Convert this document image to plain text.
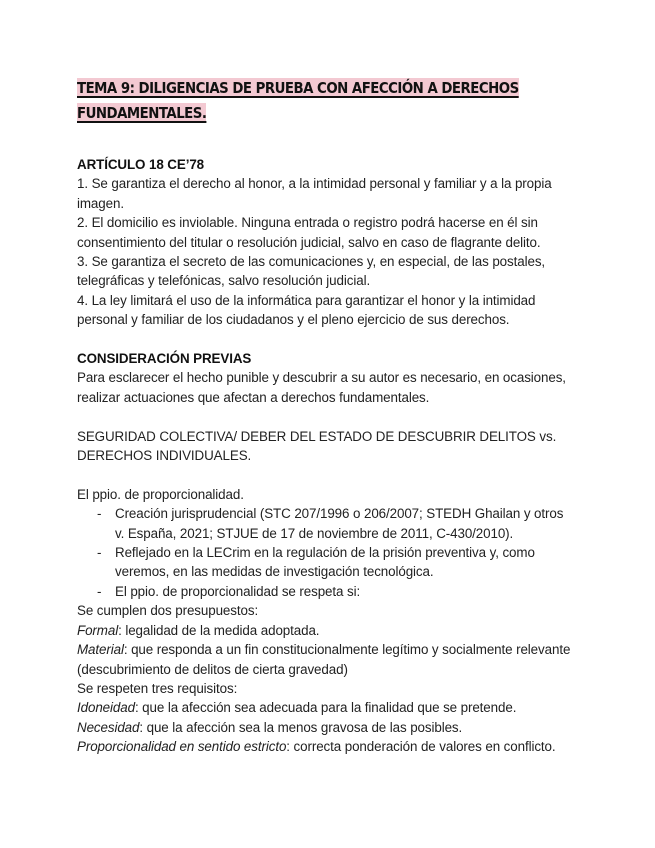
TEMA 9: DILIGENCIAS DE PRUEBA CON AFECCIÓN A DERECHOS FUNDAMENTALES.

ARTÍCULO 18 CE’78

1. Se garantiza el derecho al honor, a la intimidad personal y familiar y a la propia imagen.

2. El domicilio es inviolable. Ninguna entrada o registro podrá hacerse en él sin consentimiento del titular o resolución judicial, salvo en caso de flagrante delito.

3. Se garantiza el secreto de las comunicaciones y, en especial, de las postales, telegráficas y telefónicas, salvo resolución judicial.

4. La ley limitará el uso de la informática para garantizar el honor y la intimidad personal y familiar de los ciudadanos y el pleno ejercicio de sus derechos.

CONSIDERACIÓN PREVIAS

Para esclarecer el hecho punible y descubrir a su autor es necesario, en ocasiones, realizar actuaciones que afectan a derechos fundamentales.

SEGURIDAD COLECTIVA/ DEBER DEL ESTADO DE DESCUBRIR DELITOS vs. DERECHOS INDIVIDUALES.

El ppio. de proporcionalidad.

- Creación jurisprudencial (STC 207/1996 o 206/2007; STEDH Ghailan y otros v. España, 2021; STJUE de 17 de noviembre de 2011, C-430/2010).
- Reflejado en la LECrim en la regulación de la prisión preventiva y, como veremos, en las medidas de investigación tecnológica.
- El ppio. de proporcionalidad se respeta si:

Se cumplen dos presupuestos:

Formal: legalidad de la medida adoptada.

Material: que responda a un fin constitucionalmente legítimo y socialmente relevante (descubrimiento de delitos de cierta gravedad)

Se respeten tres requisitos:

Idoneidad: que la afección sea adecuada para la finalidad que se pretende.

Necesidad: que la afección sea la menos gravosa de las posibles.

Proporcionalidad en sentido estricto: correcta ponderación de valores en conflicto.
